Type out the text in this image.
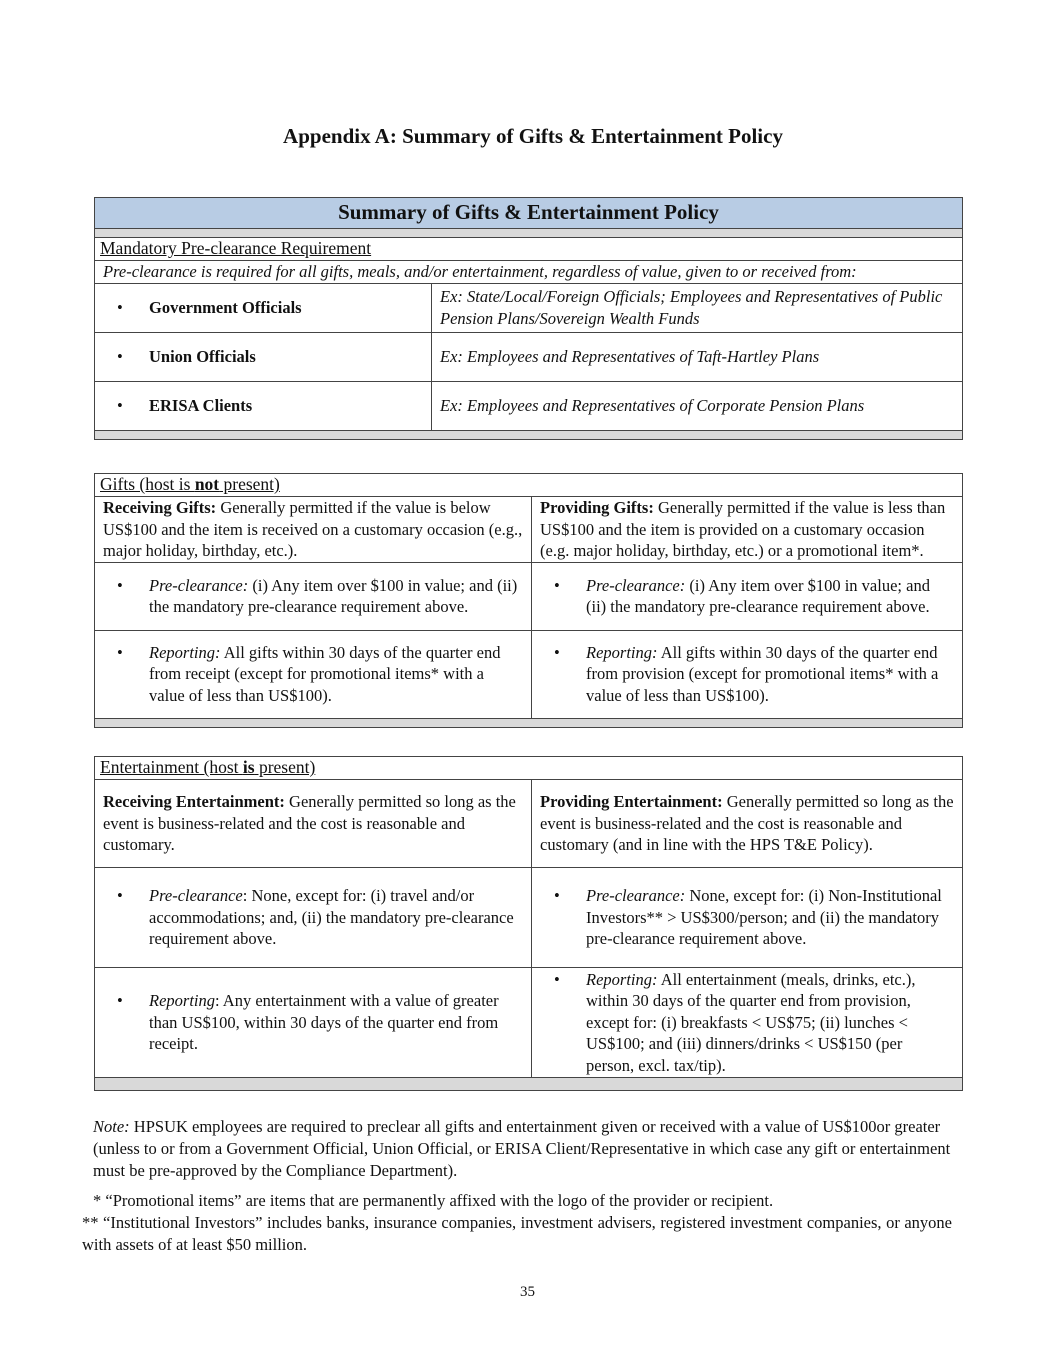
Appendix A: Summary of Gifts & Entertainment Policy
Summary of Gifts & Entertainment Policy	

Mandatory Pre-clearance Requirement	
Pre-clearance is required for all gifts, meals, and/or entertainment, regardless of value, given to or received from:	

• Government Officials	Ex: State/Local/Foreign Officials; Employees and Representatives of Public Pension Plans/Sovereign Wealth Funds

• Union Officials	Ex: Employees and Representatives of Taft-Hartley Plans

• ERISA Clients	Ex: Employees and Representatives of Corporate Pension Plans

Gifts (host is not present)	
Receiving Gifts: Generally permitted if the value is below US$100 and the item is received on a customary occasion (e.g., major holiday, birthday, etc.).	Providing Gifts: Generally permitted if the value is less than US$100 and the item is provided on a customary occasion (e.g. major holiday, birthday, etc.) or a promotional item*.

• Pre-clearance: (i) Any item over $100 in value; and (ii) the mandatory pre-clearance requirement above.	• Pre-clearance: (i) Any item over $100 in value; and (ii) the mandatory pre-clearance requirement above.

• Reporting: All gifts within 30 days of the quarter end from receipt (except for promotional items* with a value of less than US$100).	• Reporting: All gifts within 30 days of the quarter end from provision (except for promotional items* with a value of less than US$100).

Entertainment (host is present)	
Receiving Entertainment: Generally permitted so long as the event is business-related and the cost is reasonable and customary.	Providing Entertainment: Generally permitted so long as the event is business-related and the cost is reasonable and customary (and in line with the HPS T&E Policy).

• Pre-clearance: None, except for: (i) travel and/or accommodations; and, (ii) the mandatory pre-clearance requirement above.	• Pre-clearance: None, except for: (i) Non-Institutional Investors** > US$300/person; and (ii) the mandatory pre-clearance requirement above.

• Reporting: Any entertainment with a value of greater than US$100, within 30 days of the quarter end from receipt.	• Reporting: All entertainment (meals, drinks, etc.), within 30 days of the quarter end from provision, except for: (i) breakfasts < US$75; (ii) lunches < US$100; and (iii) dinners/drinks < US$150 (per person, excl. tax/tip).

Note: HPSUK employees are required to preclear all gifts and entertainment given or received with a value of US$100or greater (unless to or from a Government Official, Union Official, or ERISA Client/Representative in which case any gift or entertainment must be pre-approved by the Compliance Department).
* “Promotional items” are items that are permanently affixed with the logo of the provider or recipient.
** “Institutional Investors” includes banks, insurance companies, investment advisers, registered investment companies, or anyone with assets of at least $50 million.
35
